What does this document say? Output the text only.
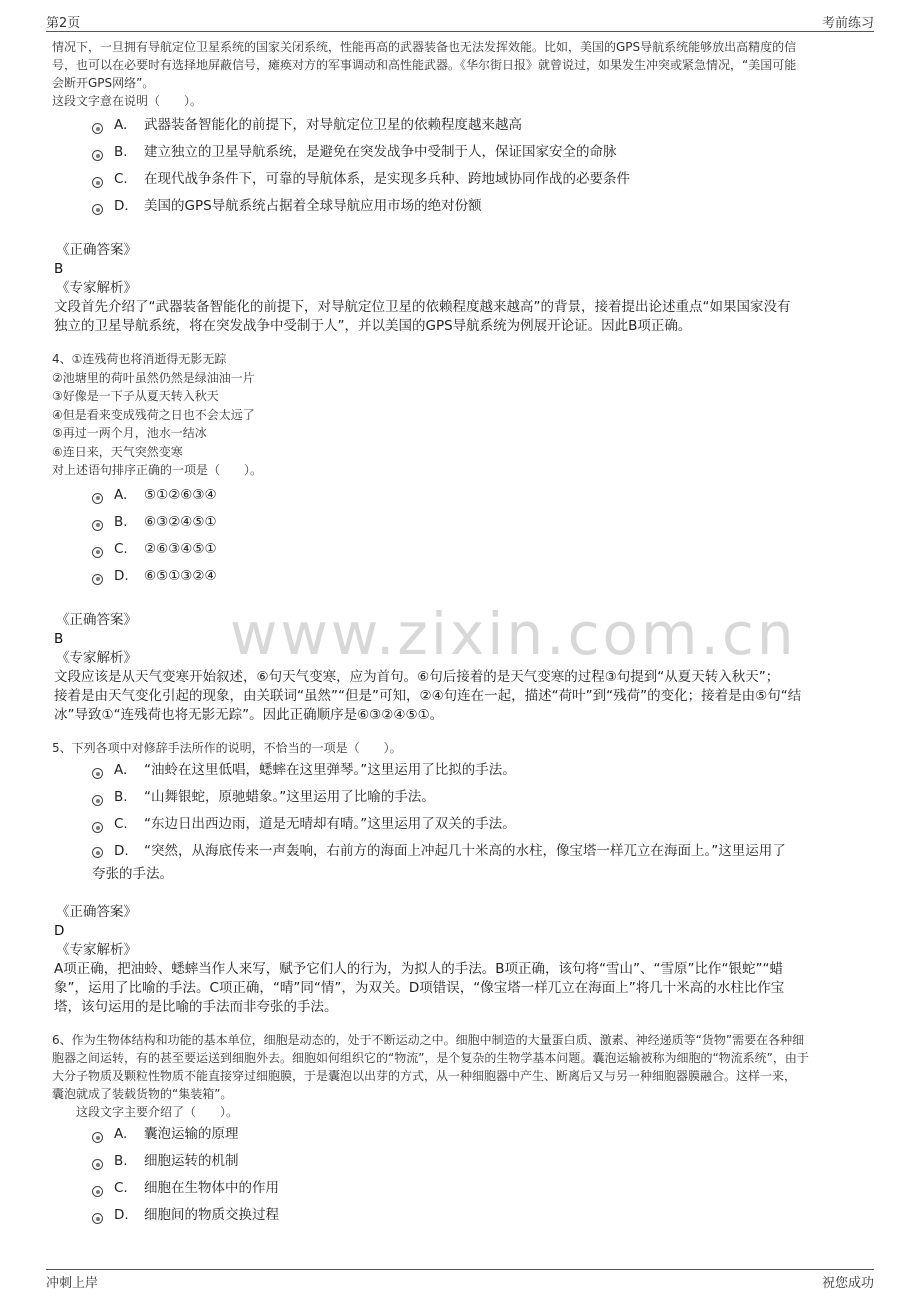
第2页	考前练习
www.zixin.com.cn
情况下，一旦拥有导航定位卫星系统的国家关闭系统，性能再高的武器装备也无法发挥效能。比如，美国的GPS导航系统能够放出高精度的信
号，也可以在必要时有选择地屏蔽信号，瘫痪对方的军事调动和高性能武器。《华尔街日报》就曾说过，如果发生冲突或紧急情况，“美国可能
会断开GPS网络”。
这段文字意在说明（　　）。
A. 武器装备智能化的前提下，对导航定位卫星的依赖程度越来越高
B. 建立独立的卫星导航系统，是避免在突发战争中受制于人，保证国家安全的命脉
C. 在现代战争条件下，可靠的导航体系，是实现多兵种、跨地域协同作战的必要条件
D. 美国的GPS导航系统占据着全球导航应用市场的绝对份额
《正确答案》
B
《专家解析》
文段首先介绍了“武器装备智能化的前提下，对导航定位卫星的依赖程度越来越高”的背景，接着提出论述重点“如果国家没有
独立的卫星导航系统，将在突发战争中受制于人”，并以美国的GPS导航系统为例展开论证。因此B项正确。
4、①连残荷也将消逝得无影无踪
②池塘里的荷叶虽然仍然是绿油油一片
③好像是一下子从夏天转入秋天
④但是看来变成残荷之日也不会太远了
⑤再过一两个月，池水一结冰
⑥连日来，天气突然变寒
对上述语句排序正确的一项是（　　）。
A. ⑤①②⑥③④
B. ⑥③②④⑤①
C. ②⑥③④⑤①
D. ⑥⑤①③②④
《正确答案》
B
《专家解析》
文段应该是从天气变寒开始叙述，⑥句天气变寒，应为首句。⑥句后接着的是天气变寒的过程③句提到“从夏天转入秋天”；
接着是由天气变化引起的现象，由关联词“虽然”“但是”可知，②④句连在一起，描述“荷叶”到“残荷”的变化；接着是由⑤句“结
冰”导致①“连残荷也将无影无踪”。因此正确顺序是⑥③②④⑤①。
5、下列各项中对修辞手法所作的说明，不恰当的一项是（　　）。
A. “油蛉在这里低唱，蟋蟀在这里弹琴。”这里运用了比拟的手法。
B. “山舞银蛇，原驰蜡象。”这里运用了比喻的手法。
C. “东边日出西边雨，道是无晴却有晴。”这里运用了双关的手法。
D. “突然，从海底传来一声轰响，右前方的海面上冲起几十米高的水柱，像宝塔一样兀立在海面上。”这里运用了
夸张的手法。
《正确答案》
D
《专家解析》
A项正确，把油蛉、蟋蟀当作人来写，赋予它们人的行为，为拟人的手法。B项正确，该句将“雪山”、“雪原”比作“银蛇”“蜡
象”，运用了比喻的手法。C项正确，“晴”同“情”，为双关。D项错误，“像宝塔一样兀立在海面上”将几十米高的水柱比作宝
塔，该句运用的是比喻的手法而非夸张的手法。
6、作为生物体结构和功能的基本单位，细胞是动态的，处于不断运动之中。细胞中制造的大量蛋白质、激素、神经递质等“货物”需要在各种细
胞器之间运转，有的甚至要运送到细胞外去。细胞如何组织它的“物流”，是个复杂的生物学基本问题。囊泡运输被称为细胞的“物流系统”，由于
大分子物质及颗粒性物质不能直接穿过细胞膜，于是囊泡以出芽的方式，从一种细胞器中产生、断离后又与另一种细胞器膜融合。这样一来，
囊泡就成了装载货物的“集装箱”。
这段文字主要介绍了（　　）。
A. 囊泡运输的原理
B. 细胞运转的机制
C. 细胞在生物体中的作用
D. 细胞间的物质交换过程
冲刺上岸	祝您成功
